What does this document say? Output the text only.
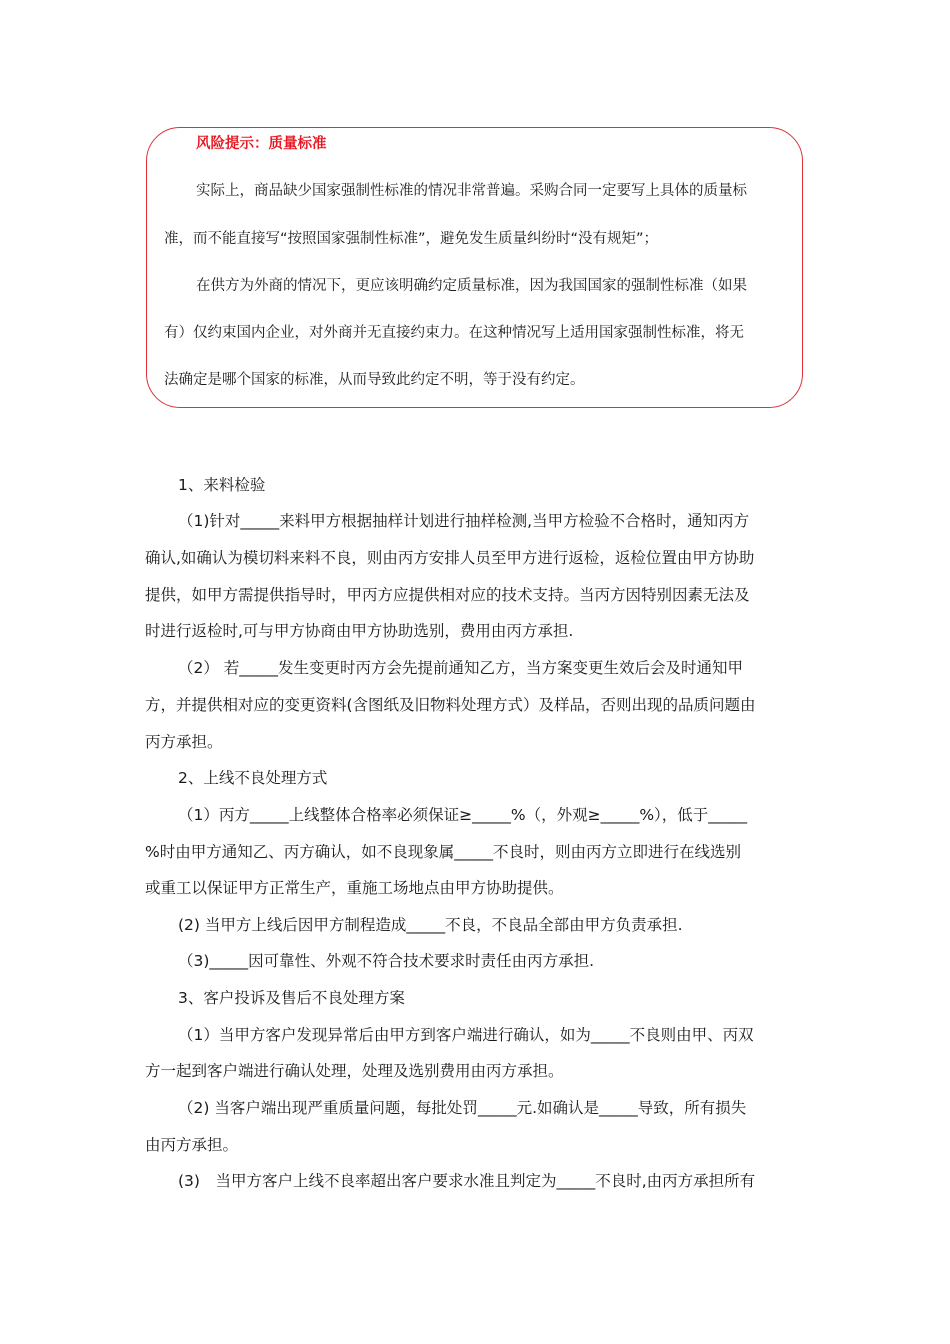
风险提示：质量标准
实际上，商品缺少国家强制性标准的情况非常普遍。采购合同一定要写上具体的质量标
准，而不能直接写“按照国家强制性标准”，避免发生质量纠纷时“没有规矩”；
在供方为外商的情况下，更应该明确约定质量标准，因为我国国家的强制性标准（如果
有）仅约束国内企业，对外商并无直接约束力。在这种情况写上适用国家强制性标准，将无
法确定是哪个国家的标准，从而导致此约定不明，等于没有约定。
1、来料检验
（1)针对_____来料甲方根据抽样计划进行抽样检测,当甲方检验不合格时，通知丙方
确认,如确认为模切料来料不良，则由丙方安排人员至甲方进行返检，返检位置由甲方协助
提供，如甲方需提供指导时，甲丙方应提供相对应的技术支持。当丙方因特别因素无法及
时进行返检时,可与甲方协商由甲方协助选别，费用由丙方承担.
（2） 若_____发生变更时丙方会先提前通知乙方，当方案变更生效后会及时通知甲
方，并提供相对应的变更资料(含图纸及旧物料处理方式）及样品，否则出现的品质问题由
丙方承担。
2、上线不良处理方式
（1）丙方_____上线整体合格率必须保证≥_____%（，外观≥_____%），低于_____
%时由甲方通知乙、丙方确认，如不良现象属_____不良时，则由丙方立即进行在线选别
或重工以保证甲方正常生产，重施工场地点由甲方协助提供。
(2) 当甲方上线后因甲方制程造成_____不良，不良品全部由甲方负责承担.
（3)_____因可靠性、外观不符合技术要求时责任由丙方承担.
3、客户投诉及售后不良处理方案
（1）当甲方客户发现异常后由甲方到客户端进行确认，如为_____不良则由甲、丙双
方一起到客户端进行确认处理，处理及选别费用由丙方承担。
（2) 当客户端出现严重质量问题，每批处罚_____元.如确认是_____导致，所有损失
由丙方承担。
(3)　当甲方客户上线不良率超出客户要求水准且判定为_____不良时,由丙方承担所有
